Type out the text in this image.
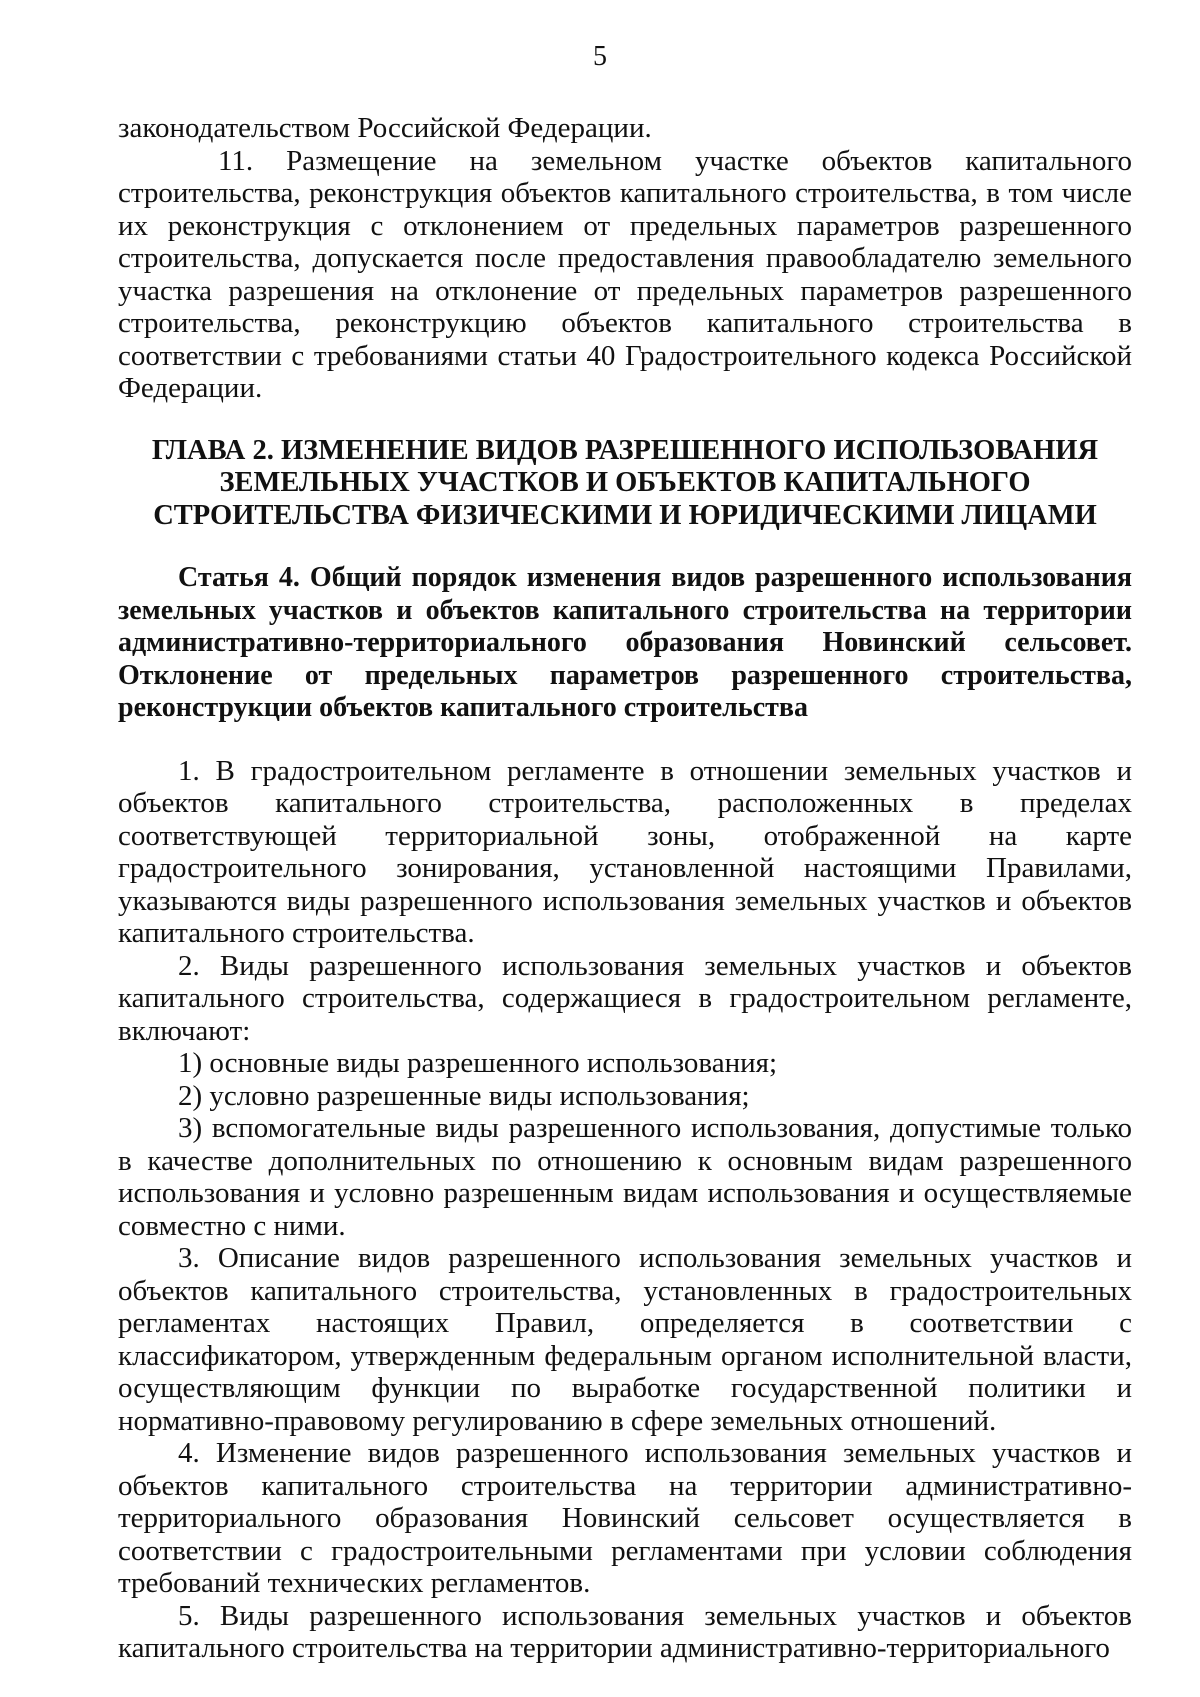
5

законодательством Российской Федерации.

11. Размещение на земельном участке объектов капитального строительства, реконструкция объектов капитального строительства, в том числе их реконструкция с отклонением от предельных параметров разрешенного строительства, допускается после предоставления правообладателю земельного участка разрешения на отклонение от предельных параметров разрешенного строительства, реконструкцию объектов капитального строительства в соответствии с требованиями статьи 40 Градостроительного кодекса Российской Федерации.

ГЛАВА 2. ИЗМЕНЕНИЕ ВИДОВ РАЗРЕШЕННОГО ИСПОЛЬЗОВАНИЯ
ЗЕМЕЛЬНЫХ УЧАСТКОВ И ОБЪЕКТОВ КАПИТАЛЬНОГО
СТРОИТЕЛЬСТВА ФИЗИЧЕСКИМИ И ЮРИДИЧЕСКИМИ ЛИЦАМИ

Статья 4. Общий порядок изменения видов разрешенного использования земельных участков и объектов капитального строительства на территории административно-территориального образования Новинский сельсовет. Отклонение от предельных параметров разрешенного строительства, реконструкции объектов капитального строительства

1. В градостроительном регламенте в отношении земельных участков и объектов капитального строительства, расположенных в пределах соответствующей территориальной зоны, отображенной на карте градостроительного зонирования, установленной настоящими Правилами, указываются виды разрешенного использования земельных участков и объектов капитального строительства.

2. Виды разрешенного использования земельных участков и объектов капитального строительства, содержащиеся в градостроительном регламенте, включают:

1) основные виды разрешенного использования;

2) условно разрешенные виды использования;

3) вспомогательные виды разрешенного использования, допустимые только в качестве дополнительных по отношению к основным видам разрешенного использования и условно разрешенным видам использования и осуществляемые совместно с ними.

3. Описание видов разрешенного использования земельных участков и объектов капитального строительства, установленных в градостроительных регламентах настоящих Правил, определяется в соответствии с классификатором, утвержденным федеральным органом исполнительной власти, осуществляющим функции по выработке государственной политики и нормативно-правовому регулированию в сфере земельных отношений.

4. Изменение видов разрешенного использования земельных участков и объектов капитального строительства на территории административно-территориального образования Новинский сельсовет осуществляется в соответствии с градостроительными регламентами при условии соблюдения требований технических регламентов.

5. Виды разрешенного использования земельных участков и объектов капитального строительства на территории административно-территориального
